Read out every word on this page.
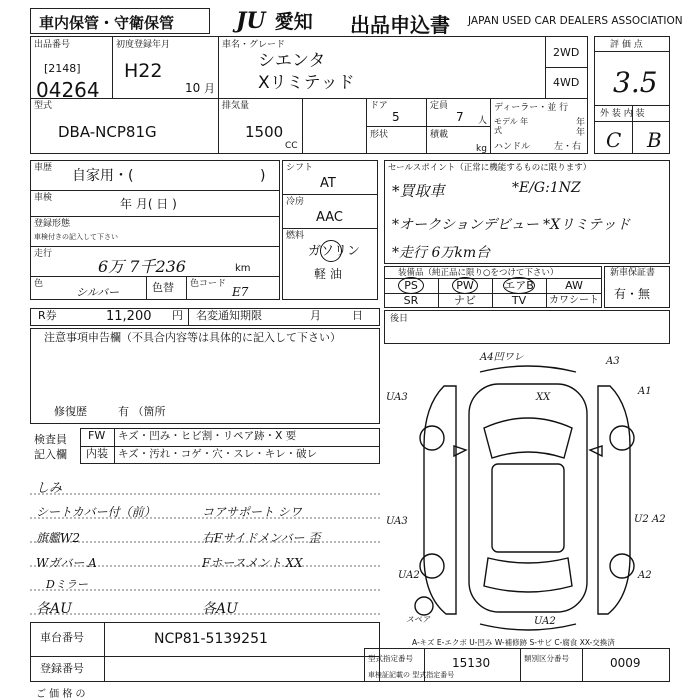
車内保管・守衛保管	JU 愛知 出品申込書 JAPAN USED CAR DEALERS ASSOCIATION
出品番号
[2148]
04264
初度登録年月
H22
10 月
車名・グレード
シエンタ
Xリミテッド
2WD
4WD
評 価 点
3.5
外 装 内 装
C B
型式
DBA-NCP81G
排気量
1500
CC
ドア
5
定員
7 人
形状	積載
kg
ディーラー・並 行
モデル 年式
年
年
ハンドル	左・右
車歴 自家用・(	)
車検	年 月( 日 )
登録形態
車検付きの記入して下さい
走行
6万 7千236	km
色
シルバー	色替 色コード
E7
シフト
AT
冷房
AAC
燃料
ガソリン
軽 油
セールスポイント（正常に機能するものに限ります）
*買取車	*E/G:1NZ
*オークションデビュー *Xリミテッド
*走行 6万km台
装備品（純正品に限り○をつけて下さい）
PS	PW	エアB	AW
SR	ナビ	TV	カワシート
新車保証書
有・無
R券	11,200 円 名変通知期限	月	日	後日
注意事項申告欄（不具合内容等は具体的に記入して下さい）
修復歴	有 （箇所
検査員
記入欄
FW キズ・凹み・ヒビ割・リペア跡・X 要
内装 キズ・汚れ・コゲ・穴・スレ・キレ・破レ
しみ
シートカバー付（前）	コアサポート シワ
旗艦W2	右Fサイドメンバー 歪
Wガバー A	Fホースメント XX
Dミラー
各AU	各AU
A4凹ワレ	A3
XX
UA3
A1
UA3	U2 A2
UA2	A2
スペア	UA2
A-キズ E-エクボ U-凹み W-補修跡 S-サビ C-腐食 XX-交換済
車台番号	NCP81-5139251
登録番号
型式指定番号	15130	類別区分番号	0009
車検証記載の 型式指定番号
ご 価 格 の
